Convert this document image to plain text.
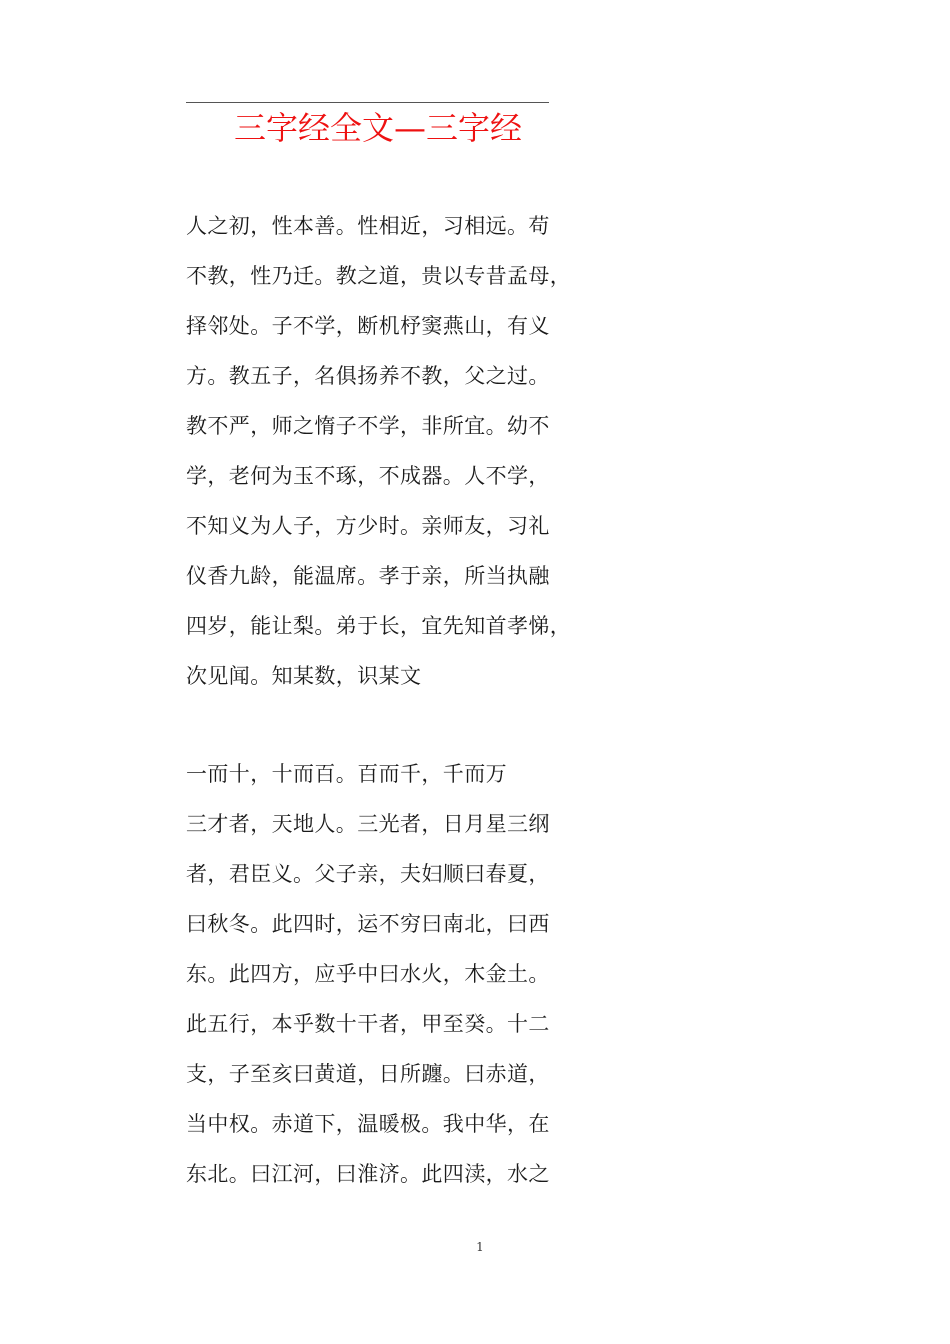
三字经全文—三字经
人之初，性本善。性相近，习相远。苟
不教，性乃迁。教之道，贵以专昔孟母，
择邻处。子不学，断机杼窦燕山，有义
方。教五子，名俱扬养不教，父之过。
教不严，师之惰子不学，非所宜。幼不
学，老何为玉不琢，不成器。人不学，
不知义为人子，方少时。亲师友，习礼
仪香九龄，能温席。孝于亲，所当执融
四岁，能让梨。弟于长，宜先知首孝悌，
次见闻。知某数，识某文
一而十，十而百。百而千，千而万
三才者，天地人。三光者，日月星三纲
者，君臣义。父子亲，夫妇顺曰春夏，
曰秋冬。此四时，运不穷曰南北，曰西
东。此四方，应乎中曰水火，木金土。
此五行，本乎数十干者，甲至癸。十二
支，子至亥曰黄道，日所躔。曰赤道，
当中权。赤道下，温暖极。我中华，在
东北。曰江河，曰淮济。此四渎，水之
1
